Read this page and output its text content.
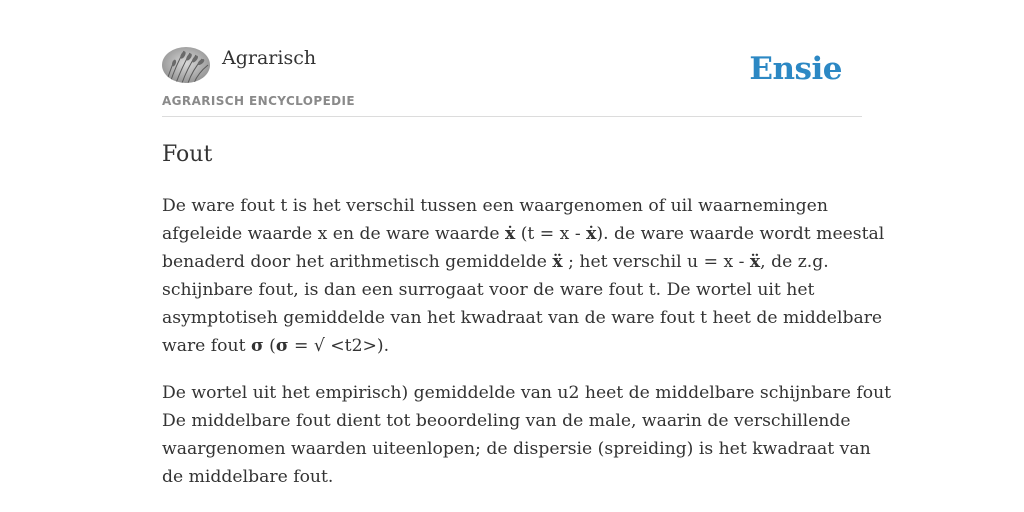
Agrarisch
AGRARISCH ENCYCLOPEDIE
Ensie
Fout
De ware fout t is het verschil tussen een waargenomen of uil waarnemingen
afgeleide waarde x en de ware waarde ẋ (t = x - ẋ). de ware waarde wordt meestal
benaderd door het arithmetisch gemiddelde ẍ ; het verschil u = x - ẍ, de z.g.
schijnbare fout, is dan een surrogaat voor de ware fout t. De wortel uit het
asymptotiseh gemiddelde van het kwadraat van de ware fout t heet de middelbare
ware fout σ (σ = √ <t2>).
De wortel uit het empirisch) gemiddelde van u2 heet de middelbare schijnbare fout
De middelbare fout dient tot beoordeling van de male, waarin de verschillende
waargenomen waarden uiteenlopen; de dispersie (spreiding) is het kwadraat van
de middelbare fout.
